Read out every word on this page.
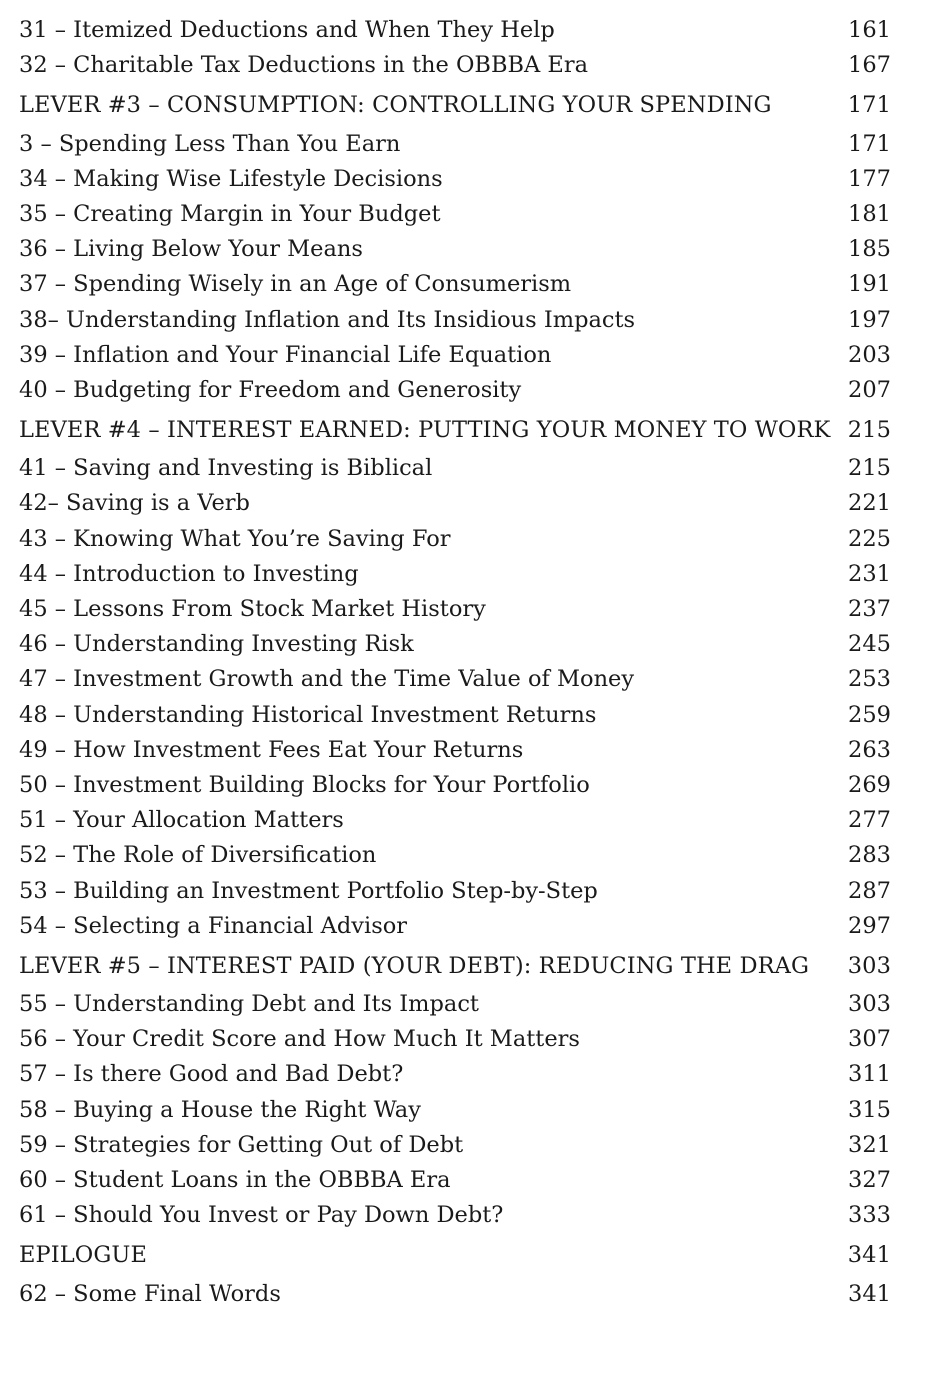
31 – Itemized Deductions and When They Help	161
32 – Charitable Tax Deductions in the OBBBA Era	167
LEVER #3 – CONSUMPTION: CONTROLLING YOUR SPENDING	171
3 – Spending Less Than You Earn	171
34 – Making Wise Lifestyle Decisions	177
35 – Creating Margin in Your Budget	181
36 – Living Below Your Means	185
37 – Spending Wisely in an Age of Consumerism	191
38– Understanding Inflation and Its Insidious Impacts	197
39 – Inflation and Your Financial Life Equation	203
40 – Budgeting for Freedom and Generosity	207
LEVER #4 – INTEREST EARNED: PUTTING YOUR MONEY TO WORK 215
41 – Saving and Investing is Biblical	215
42– Saving is a Verb	221
43 – Knowing What You’re Saving For	225
44 – Introduction to Investing	231
45 – Lessons From Stock Market History	237
46 – Understanding Investing Risk	245
47 – Investment Growth and the Time Value of Money	253
48 – Understanding Historical Investment Returns	259
49 – How Investment Fees Eat Your Returns	263
50 – Investment Building Blocks for Your Portfolio	269
51 – Your Allocation Matters	277
52 – The Role of Diversification	283
53 – Building an Investment Portfolio Step-by-Step	287
54 – Selecting a Financial Advisor	297
LEVER #5 – INTEREST PAID (YOUR DEBT): REDUCING THE DRAG	303
55 – Understanding Debt and Its Impact	303
56 – Your Credit Score and How Much It Matters	307
57 – Is there Good and Bad Debt?	311
58 – Buying a House the Right Way	315
59 – Strategies for Getting Out of Debt	321
60 – Student Loans in the OBBBA Era	327
61 – Should You Invest or Pay Down Debt?	333
EPILOGUE	341
62 – Some Final Words	341
